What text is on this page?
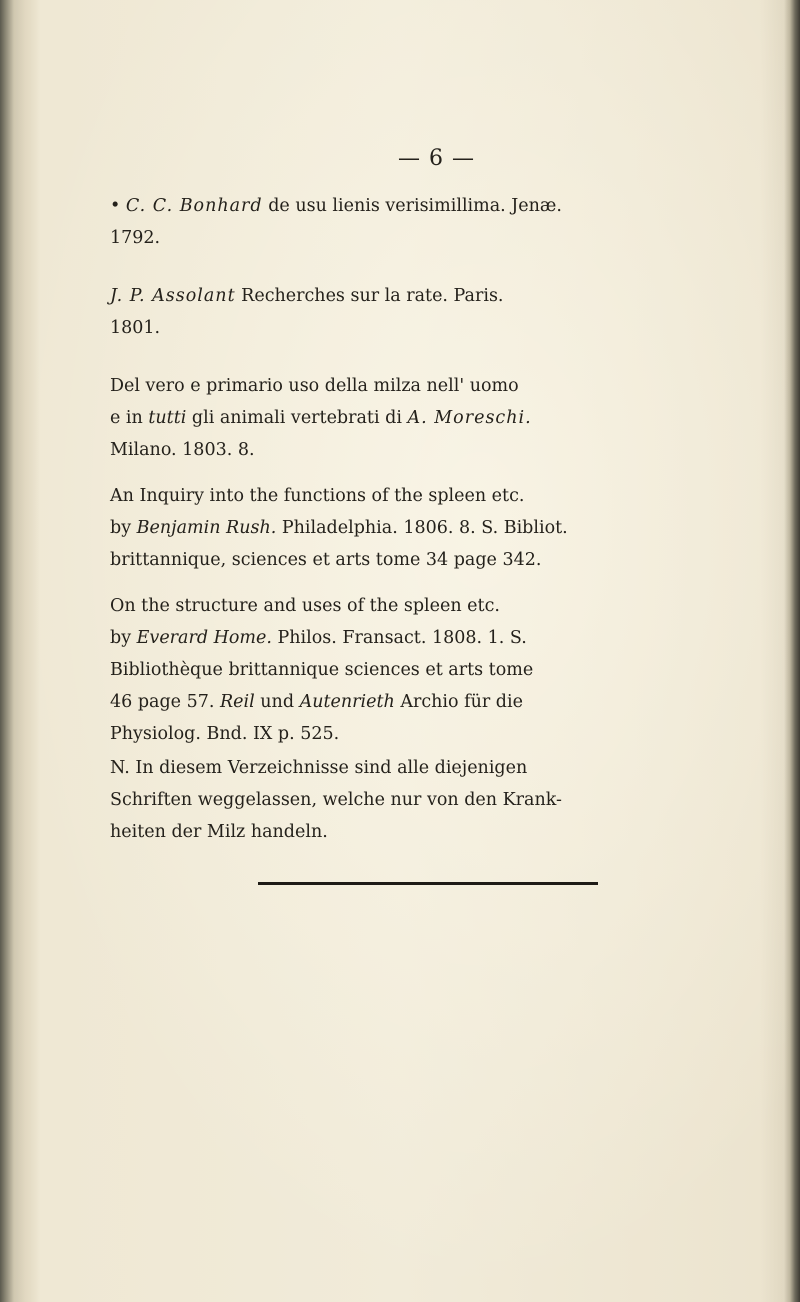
— 6 —
• C. C. Bonhard de usu lienis verisimillima. Jenæ.
1792.
J. P. Assolant Recherches sur la rate. Paris.
1801.
Del vero e primario uso della milza nell' uomo
e in tutti gli animali vertebrati di A. Moreschi.
Milano. 1803. 8.
An Inquiry into the functions of the spleen etc.
by Benjamin Rush. Philadelphia. 1806. 8. S. Bibliot.
brittannique, sciences et arts tome 34 page 342.
On the structure and uses of the spleen etc.
by Everard Home. Philos. Fransact. 1808. 1. S.
Bibliothèque brittannique sciences et arts tome
46 page 57. Reil und Autenrieth Archio für die
Physiolog. Bnd. IX p. 525.
N. In diesem Verzeichnisse sind alle diejenigen
Schriften weggelassen, welche nur von den Krank-
heiten der Milz handeln.
